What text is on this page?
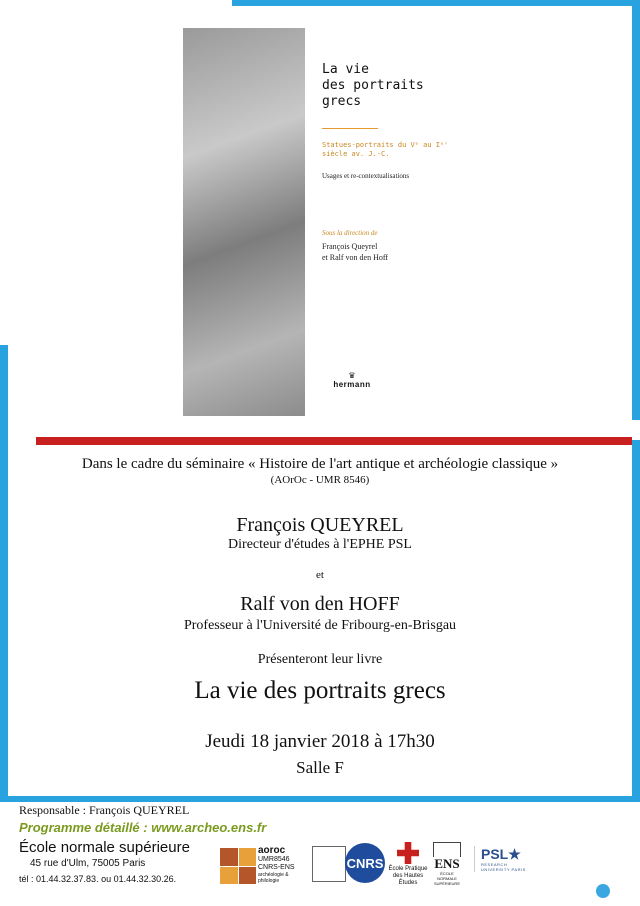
La vie
des portraits
grecs
Statues-portraits du Vᵉ au Iᵉʳ siècle av. J.-C.
Usages et re-contextualisations
Sous la direction de
François Queyrel
et Ralf von den Hoff
♛
hermann
Dans le cadre du séminaire « Histoire de l'art antique et archéologie classique »
(AOrOc - UMR 8546)
François QUEYREL
Directeur d'études à l'EPHE PSL
et
Ralf von den HOFF
Professeur à l'Université de Fribourg-en-Brisgau
Présenteront leur livre
La vie des portraits grecs
Jeudi 18 janvier 2018 à 17h30
Salle F
Responsable : François QUEYREL
Programme détaillé : www.archeo.ens.fr
École normale supérieure
45 rue d'Ulm, 75005 Paris
tél : 01.44.32.37.83. ou 01.44.32.30.26.
aoroc
UMR8546
CNRS-ENS
archéologie & philologie
CNRS École Pratique des Hautes Études
ENS
ÉCOLE NORMALE SUPÉRIEURE
PSL★
RESEARCH UNIVERSITY PARIS
